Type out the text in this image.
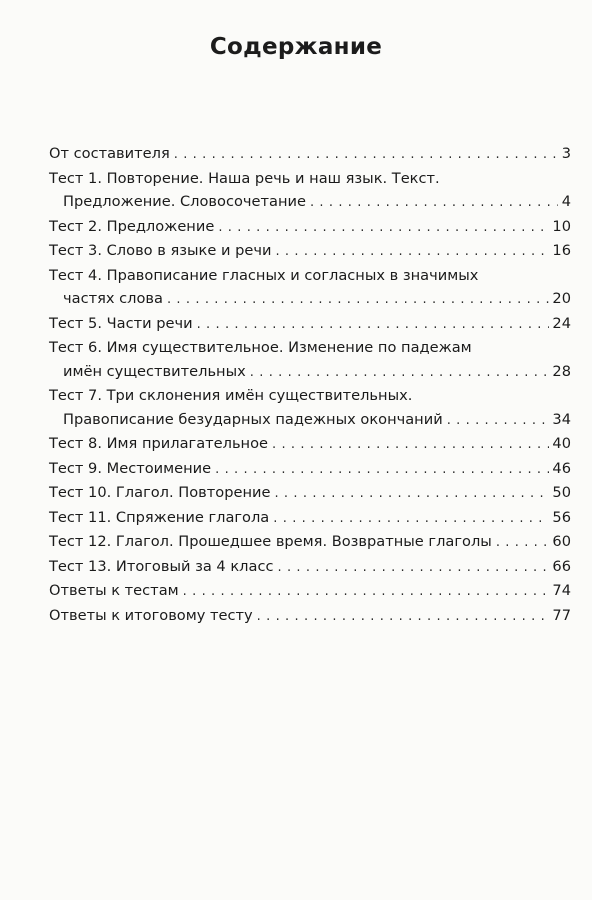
Содержание
От составителя . . .	3
Тест 1. Повторение. Наша речь и наш язык. Текст.
Предложение. Словосочетание . . .	4
Тест 2. Предложение . . .	10
Тест 3. Слово в языке и речи . . .	16
Тест 4. Правописание гласных и согласных в значимых
частях слова . . .	20
Тест 5. Части речи . . .	24
Тест 6. Имя существительное. Изменение по падежам
имён существительных . . .	28
Тест 7. Три склонения имён существительных.
Правописание безударных падежных окончаний . . .	34
Тест 8. Имя прилагательное . . .	40
Тест 9. Местоимение . . .	46
Тест 10. Глагол. Повторение . . .	50
Тест 11. Спряжение глагола . . .	56
Тест 12. Глагол. Прошедшее время. Возвратные глаголы . . .	60
Тест 13. Итоговый за 4 класс . . .	66
Ответы к тестам . . .	74
Ответы к итоговому тесту . . .	77
